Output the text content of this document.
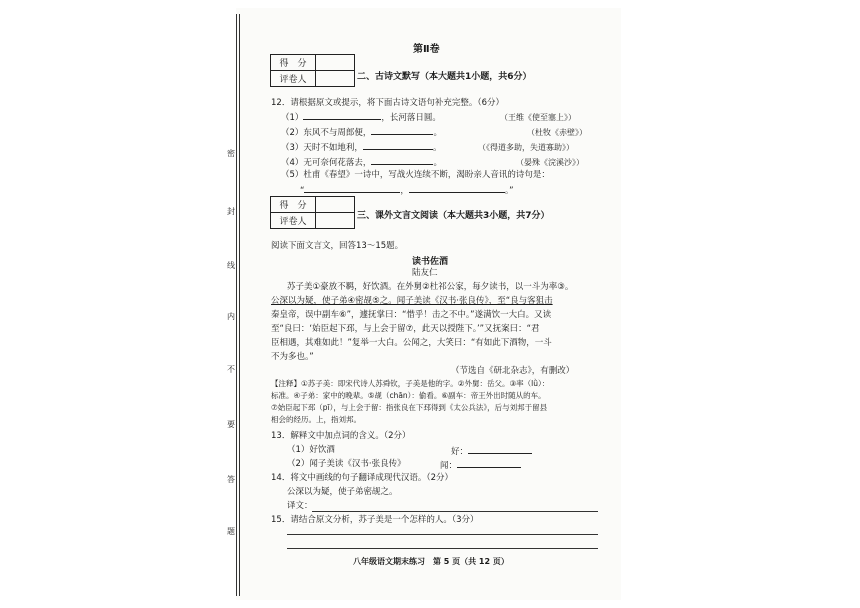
密
封
线
内
不
要
答
题
第Ⅱ卷
得　分	
评卷人		二、古诗文默写（本大题共1小题，共6分）
12．请根据原文或提示，将下面古诗文语句补充完整。（6分）
（1）	，长河落日圆。	（王维《使至塞上》）
（2）东风不与周郎便，	。	（杜牧《赤壁》）
（3）天时不如地利，	。	（《得道多助，失道寡助》）
（4）无可奈何花落去，	。	（晏殊《浣溪沙》）
（5）杜甫《春望》一诗中，写战火连续不断，渴盼亲人音讯的诗句是：
“	，	。”
得　分	
评卷人	
三、课外文言文阅读（本大题共3小题，共7分）
阅读下面文言文，回答13～15题。
读书佐酒
陆友仁
苏子美①豪放不羁，好饮酒。在外舅②杜祁公家，每夕读书，以一斗为率③。
公深以为疑，使子弟④密觇⑤之。闻子美读《汉书·张良传》，至“良与客狙击
秦皇帝，误中副车⑥”，遽抚掌曰：“惜乎！击之不中。”遂满饮一大白。又读
至“良曰：‘始臣起下邳，与上会于留⑦，此天以授陛下。’”又抚案曰：“君
臣相遇，其难如此！”复举一大白。公闻之，大笑曰：“有如此下酒物，一斗
不为多也。”
（节选自《研北杂志》，有删改）
【注释】①苏子美：即宋代诗人苏舜钦，子美是他的字。②外舅：岳父。③率（lǜ）：
标准。④子弟：家中的晚辈。⑤觇（chān）：偷看。⑥副车：帝王外出时随从的车。
⑦始臣起下邳（pī），与上会于留：指张良在下邳得到《太公兵法》，后与刘邦于留县
相会的经历。上，指刘邦。
13．解释文中加点词的含义。（2分）
（1）好饮酒	好：
（2）闻子美读《汉书·张良传》	闻：
14．将文中画线的句子翻译成现代汉语。（2分）
公深以为疑，使子弟密觇之。
译文：
15．请结合原文分析，苏子美是一个怎样的人。（3分）
八年级语文期末练习　第 5 页（共 12 页）
